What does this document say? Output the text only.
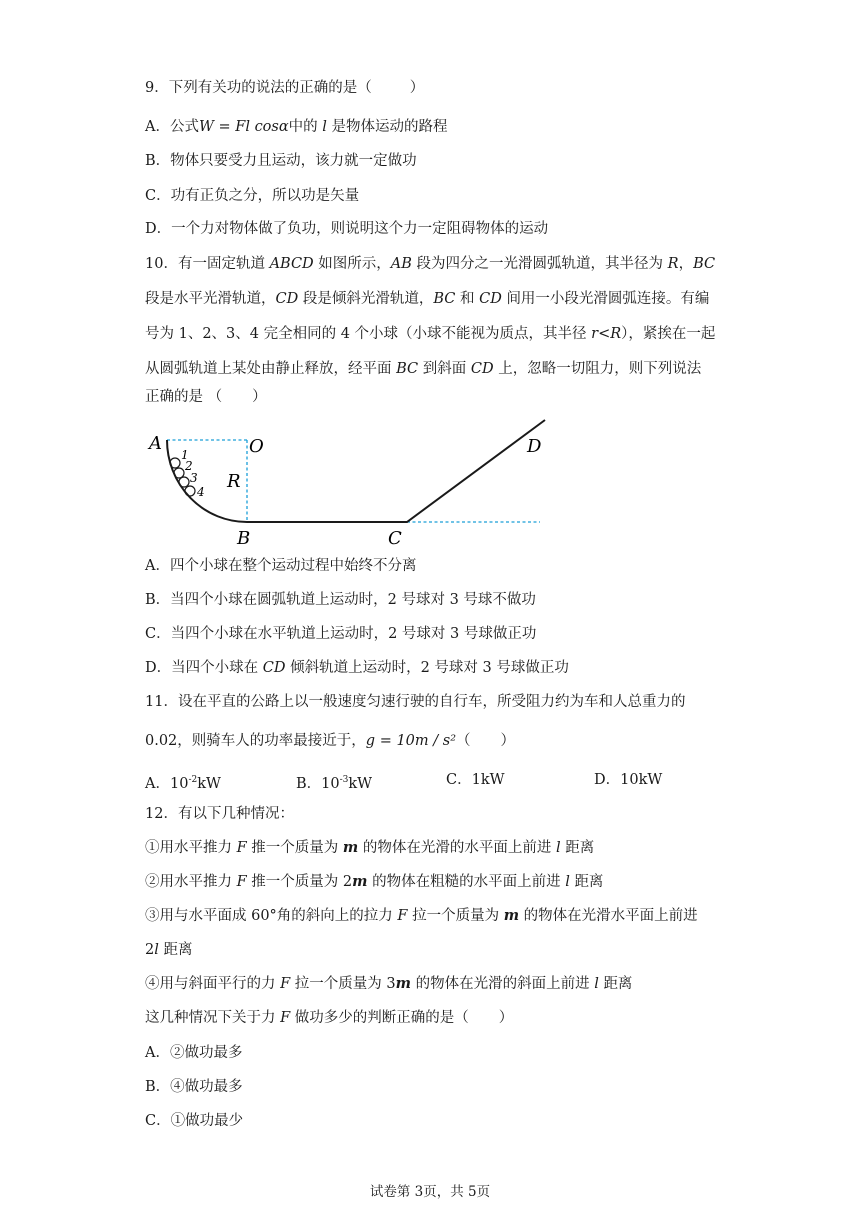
9．下列有关功的说法的正确的是（	）
A．公式W = Fl cosα中的 l 是物体运动的路程
B．物体只要受力且运动，该力就一定做功
C．功有正负之分，所以功是矢量
D．一个力对物体做了负功，则说明这个力一定阻碍物体的运动
10．有一固定轨道 ABCD 如图所示，AB 段为四分之一光滑圆弧轨道，其半径为 R，BC
段是水平光滑轨道，CD 段是倾斜光滑轨道，BC 和 CD 间用一小段光滑圆弧连接。有编
号为 1、2、3、4 完全相同的 4 个小球（小球不能视为质点，其半径 r<R），紧挨在一起
从圆弧轨道上某处由静止释放，经平面 BC 到斜面 CD 上，忽略一切阻力，则下列说法
正确的是 （ ）
1
2
3
4
A	O
R
B	C
D
A．四个小球在整个运动过程中始终不分离
B．当四个小球在圆弧轨道上运动时，2 号球对 3 号球不做功
C．当四个小球在水平轨道上运动时，2 号球对 3 号球做正功
D．当四个小球在 CD 倾斜轨道上运动时，2 号球对 3 号球做正功
11．设在平直的公路上以一般速度匀速行驶的自行车，所受阻力约为车和人总重力的
0.02，则骑车人的功率最接近于，g = 10m / s²（ ）
A．$10^{-2}kW$	B．$10^{-3}kW$	C．1kW	D．10kW
12．有以下几种情况：
①用水平推力 F 推一个质量为 m 的物体在光滑的水平面上前进 l 距离
②用水平推力 F 推一个质量为 2m 的物体在粗糙的水平面上前进 l 距离
③用与水平面成 60°角的斜向上的拉力 F 拉一个质量为 m 的物体在光滑水平面上前进
2l 距离
④用与斜面平行的力 F 拉一个质量为 3m 的物体在光滑的斜面上前进 l 距离
这几种情况下关于力 F 做功多少的判断正确的是（ ）
A．②做功最多
B．④做功最多
C．①做功最少
试卷第 3页，共 5页
